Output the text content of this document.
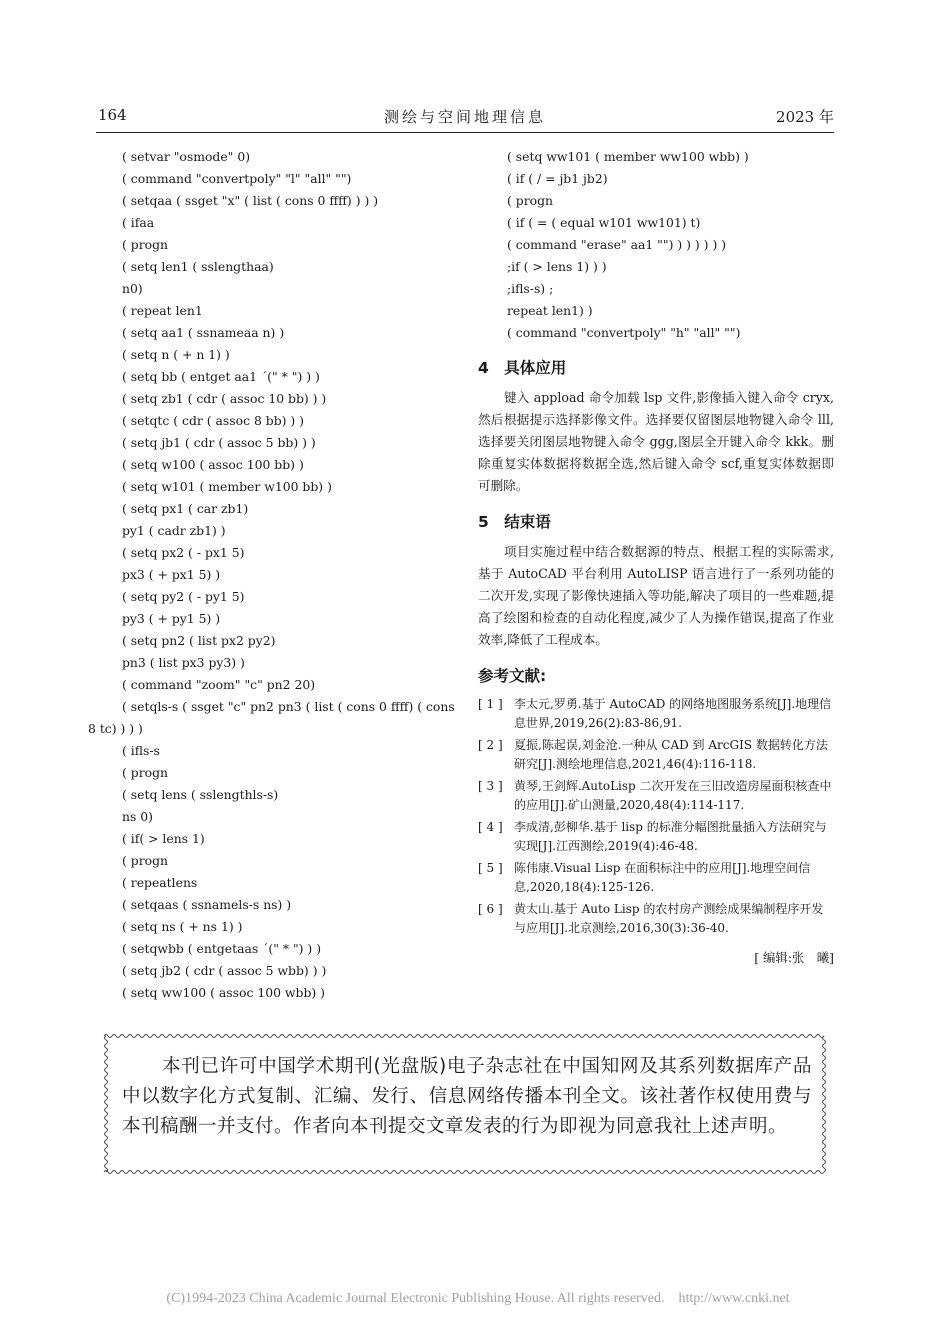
164	测绘与空间地理信息	2023 年
( setvar "osmode" 0)
( command "convertpoly" "l" "all" "")
( setqaa ( ssget "x" ( list ( cons 0 ffff) ) ) )
( ifaa
( progn
( setq len1 ( sslengthaa)
n0)
( repeat len1
( setq aa1 ( ssnameaa n) )
( setq n ( + n 1) )
( setq bb ( entget aa1 ´(" * ") ) )
( setq zb1 ( cdr ( assoc 10 bb) ) )
( setqtc ( cdr ( assoc 8 bb) ) )
( setq jb1 ( cdr ( assoc 5 bb) ) )
( setq w100 ( assoc 100 bb) )
( setq w101 ( member w100 bb) )
( setq px1 ( car zb1)
py1 ( cadr zb1) )
( setq px2 ( - px1 5)
px3 ( + px1 5) )
( setq py2 ( - py1 5)
py3 ( + py1 5) )
( setq pn2 ( list px2 py2)
pn3 ( list px3 py3) )
( command "zoom" "c" pn2 20)
( setqls-s ( ssget "c" pn2 pn3 ( list ( cons 0 ffff) ( cons
8 tc) ) ) )
( ifls-s
( progn
( setq lens ( sslengthls-s)
ns 0)
( if( > lens 1)
( progn
( repeatlens
( setqaas ( ssnamels-s ns) )
( setq ns ( + ns 1) )
( setqwbb ( entgetaas ´(" * ") ) )
( setq jb2 ( cdr ( assoc 5 wbb) ) )
( setq ww100 ( assoc 100 wbb) )
( setq ww101 ( member ww100 wbb) )
( if ( / = jb1 jb2)
( progn
( if ( = ( equal w101 ww101) t)
( command "erase" aa1 "") ) ) ) ) ) )
;if ( > lens 1) ) )
;ifls-s) ;
repeat len1) )
( command "convertpoly" "h" "all" "")
4　具体应用
键入 appload 命令加载 lsp 文件,影像插入键入命令 cryx,然后根据提示选择影像文件。选择要仅留图层地物键入命令 lll,选择要关闭图层地物键入命令 ggg,图层全开键入命令 kkk。删除重复实体数据将数据全选,然后键入命令 scf,重复实体数据即可删除。
5　结束语
项目实施过程中结合数据源的特点、根据工程的实际需求,基于 AutoCAD 平台利用 AutoLISP 语言进行了一系列功能的二次开发,实现了影像快速插入等功能,解决了项目的一些难题,提高了绘图和检查的自动化程度,减少了人为操作错误,提高了作业效率,降低了工程成本。
参考文献:
[ 1 ] 李太元,罗勇.基于 AutoCAD 的网络地图服务系统[J].地理信息世界,2019,26(2):83-86,91.
[ 2 ] 夏振,陈起误,刘金沧.一种从 CAD 到 ArcGIS 数据转化方法研究[J].测绘地理信息,2021,46(4):116-118.
[ 3 ] 黄琴,王剑辉.AutoLisp 二次开发在三旧改造房屋面积核查中的应用[J].矿山测量,2020,48(4):114-117.
[ 4 ] 李成清,彭柳华.基于 lisp 的标准分幅图批量插入方法研究与实现[J].江西测绘,2019(4):46-48.
[ 5 ] 陈伟康.Visual Lisp 在面积标注中的应用[J].地理空间信息,2020,18(4):125-126.
[ 6 ] 黄太山.基于 Auto Lisp 的农村房产测绘成果编制程序开发与应用[J].北京测绘,2016,30(3):36-40.
[ 编辑:张　曦]
本刊已许可中国学术期刊(光盘版)电子杂志社在中国知网及其系列数据库产品中以数字化方式复制、汇编、发行、信息网络传播本刊全文。该社著作权使用费与本刊稿酬一并支付。作者向本刊提交文章发表的行为即视为同意我社上述声明。
(C)1994-2023 China Academic Journal Electronic Publishing House. All rights reserved.　http://www.cnki.net
